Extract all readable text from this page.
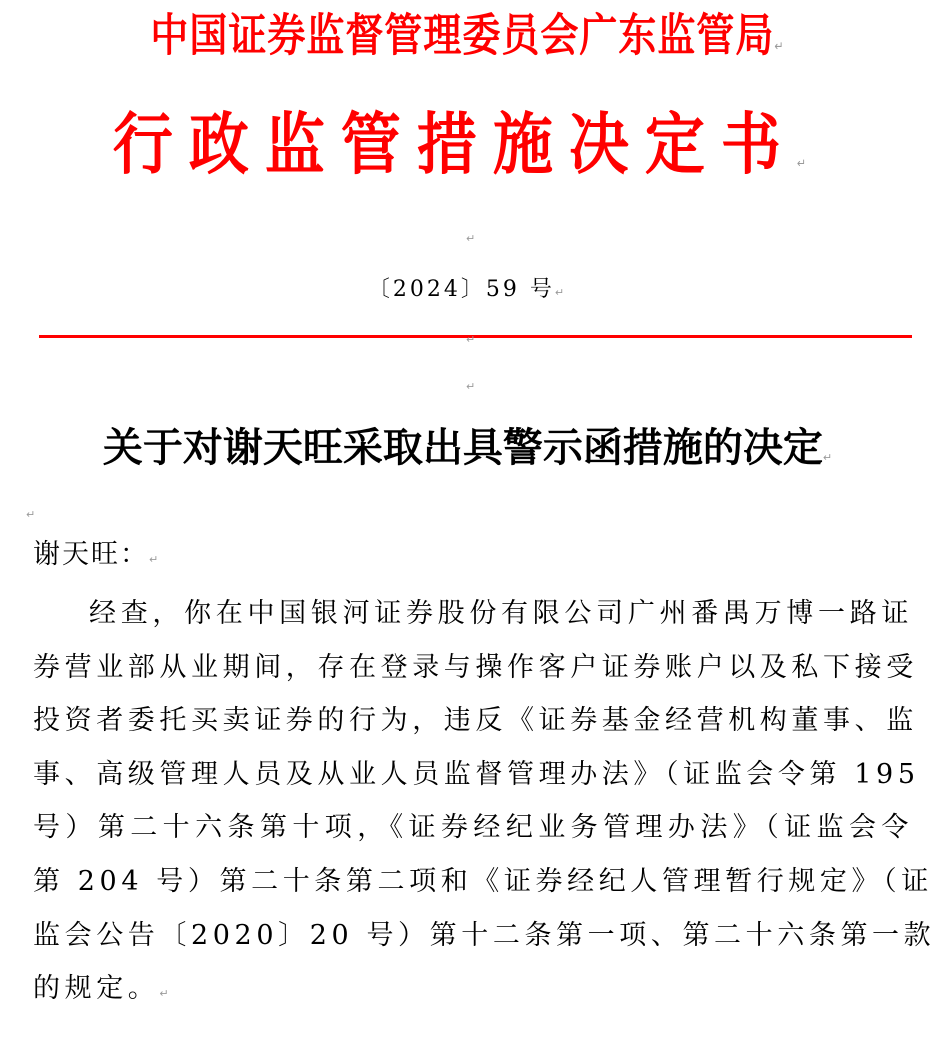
中国证券监督管理委员会广东监管局↵
行政监管措施决定书↵
↵
〔2024〕59 号↵
↵
↵
关于对谢天旺采取出具警示函措施的决定↵
↵
谢天旺：↵
经查，你在中国银河证券股份有限公司广州番禺万博一路证
券营业部从业期间，存在登录与操作客户证券账户以及私下接受
投资者委托买卖证券的行为，违反《证券基金经营机构董事、监
事、高级管理人员及从业人员监督管理办法》（证监会令第 195
号）第二十六条第十项，《证券经纪业务管理办法》（证监会令
第 204 号）第二十条第二项和《证券经纪人管理暂行规定》（证
监会公告〔2020〕20 号）第十二条第一项、第二十六条第一款
的规定。↵
